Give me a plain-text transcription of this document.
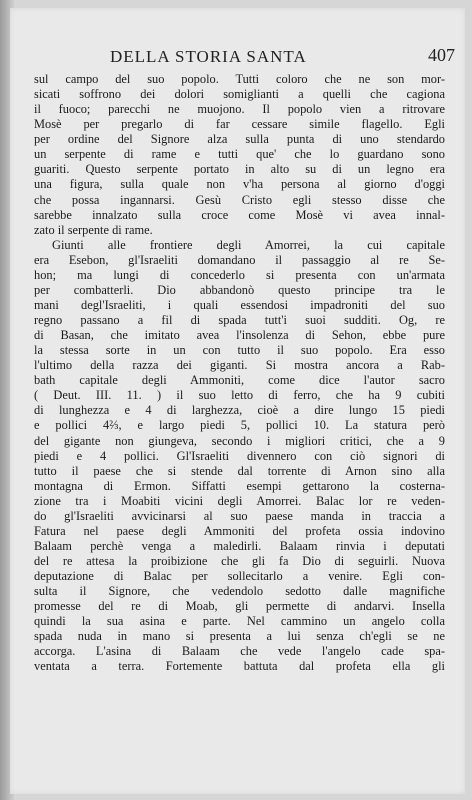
DELLA STORIA SANTA	407
sul campo del suo popolo. Tutti coloro che ne son mor-
sicati soffrono dei dolori somiglianti a quelli che cagiona
il fuoco; parecchi ne muojono. Il popolo vien a ritrovare
Mosè per pregarlo di far cessare simile flagello. Egli
per ordine del Signore alza sulla punta di uno stendardo
un serpente di rame e tutti que' che lo guardano sono
guariti. Questo serpente portato in alto su di un legno era
una figura, sulla quale non v'ha persona al giorno d'oggi
che possa ingannarsi. Gesù Cristo egli stesso disse che
sarebbe innalzato sulla croce come Mosè vi avea innal-
zato il serpente di rame.
Giunti alle frontiere degli Amorrei, la cui capitale
era Esebon, gl'Israeliti domandano il passaggio al re Se-
hon; ma lungi di concederlo si presenta con un'armata
per combatterli. Dio abbandonò questo principe tra le
mani degl'Israeliti, i quali essendosi impadroniti del suo
regno passano a fil di spada tutt'i suoi sudditi. Og, re
di Basan, che imitato avea l'insolenza di Sehon, ebbe pure
la stessa sorte in un con tutto il suo popolo. Era esso
l'ultimo della razza dei giganti. Si mostra ancora a Rab-
bath capitale degli Ammoniti, come dice l'autor sacro
( Deut. III. 11. ) il suo letto di ferro, che ha 9 cubiti
di lunghezza e 4 di larghezza, cioè a dire lungo 15 piedi
e pollici 4⅔, e largo piedi 5, pollici 10. La statura però
del gigante non giungeva, secondo i migliori critici, che a 9
piedi e 4 pollici. Gl'Israeliti divennero con ciò signori di
tutto il paese che si stende dal torrente di Arnon sino alla
montagna di Ermon. Siffatti esempi gettarono la costerna-
zione tra i Moabiti vicini degli Amorrei. Balac lor re veden-
do gl'Israeliti avvicinarsi al suo paese manda in traccia a
Fatura nel paese degli Ammoniti del profeta ossia indovino
Balaam perchè venga a maledirli. Balaam rinvia i deputati
del re attesa la proibizione che gli fa Dio di seguirli. Nuova
deputazione di Balac per sollecitarlo a venire. Egli con-
sulta il Signore, che vedendolo sedotto dalle magnifiche
promesse del re di Moab, gli permette di andarvi. Insella
quindi la sua asina e parte. Nel cammino un angelo colla
spada nuda in mano si presenta a lui senza ch'egli se ne
accorga. L'asina di Balaam che vede l'angelo cade spa-
ventata a terra. Fortemente battuta dal profeta ella gli
